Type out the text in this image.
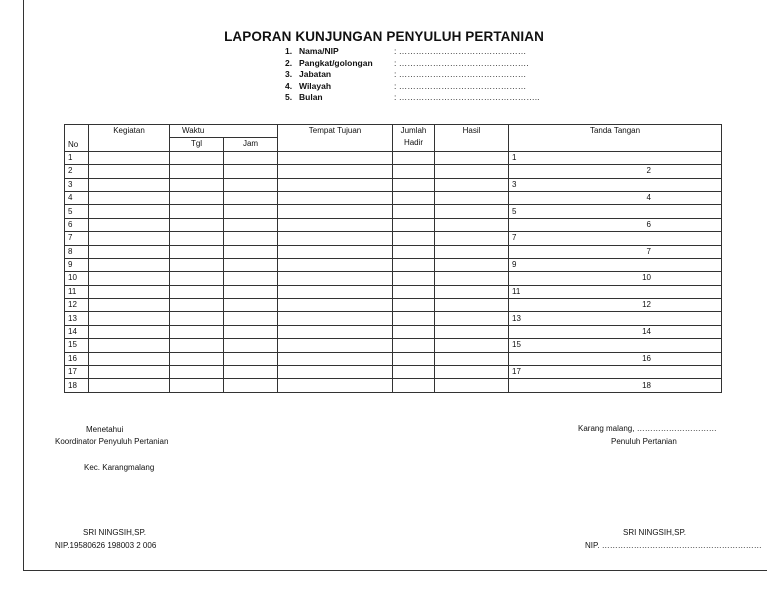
LAPORAN KUNJUNGAN PENYULUH PERTANIAN
1. Nama/NIP	: ………………………………………
2. Pangkat/golongan	: ……………………………………….
3. Jabatan	: ………………………………………
4. Wilayah	: ………………………………………
5. Bulan	: …………………………………………..
No	Kegiatan	Waktu		Tempat Tujuan	Jumlah Hadir	Hasil	Tanda Tangan
		Tgl	Jam				
1							1
2							2
3							3
4							4
5							5
6							6
7							7
8							7
9							9
10							10
11							11
12							12
13							13
14							14
15							15
16							16
17							17
18							18
Menetahui
Koordinator Penyuluh Pertanian
Kec. Karangmalang
SRI NINGSIH,SP.
NIP.19580626 198003 2 006
Karang malang, …………………………
Penuluh Pertanian
SRI NINGSIH,SP.
NIP. ……………………………………………………
